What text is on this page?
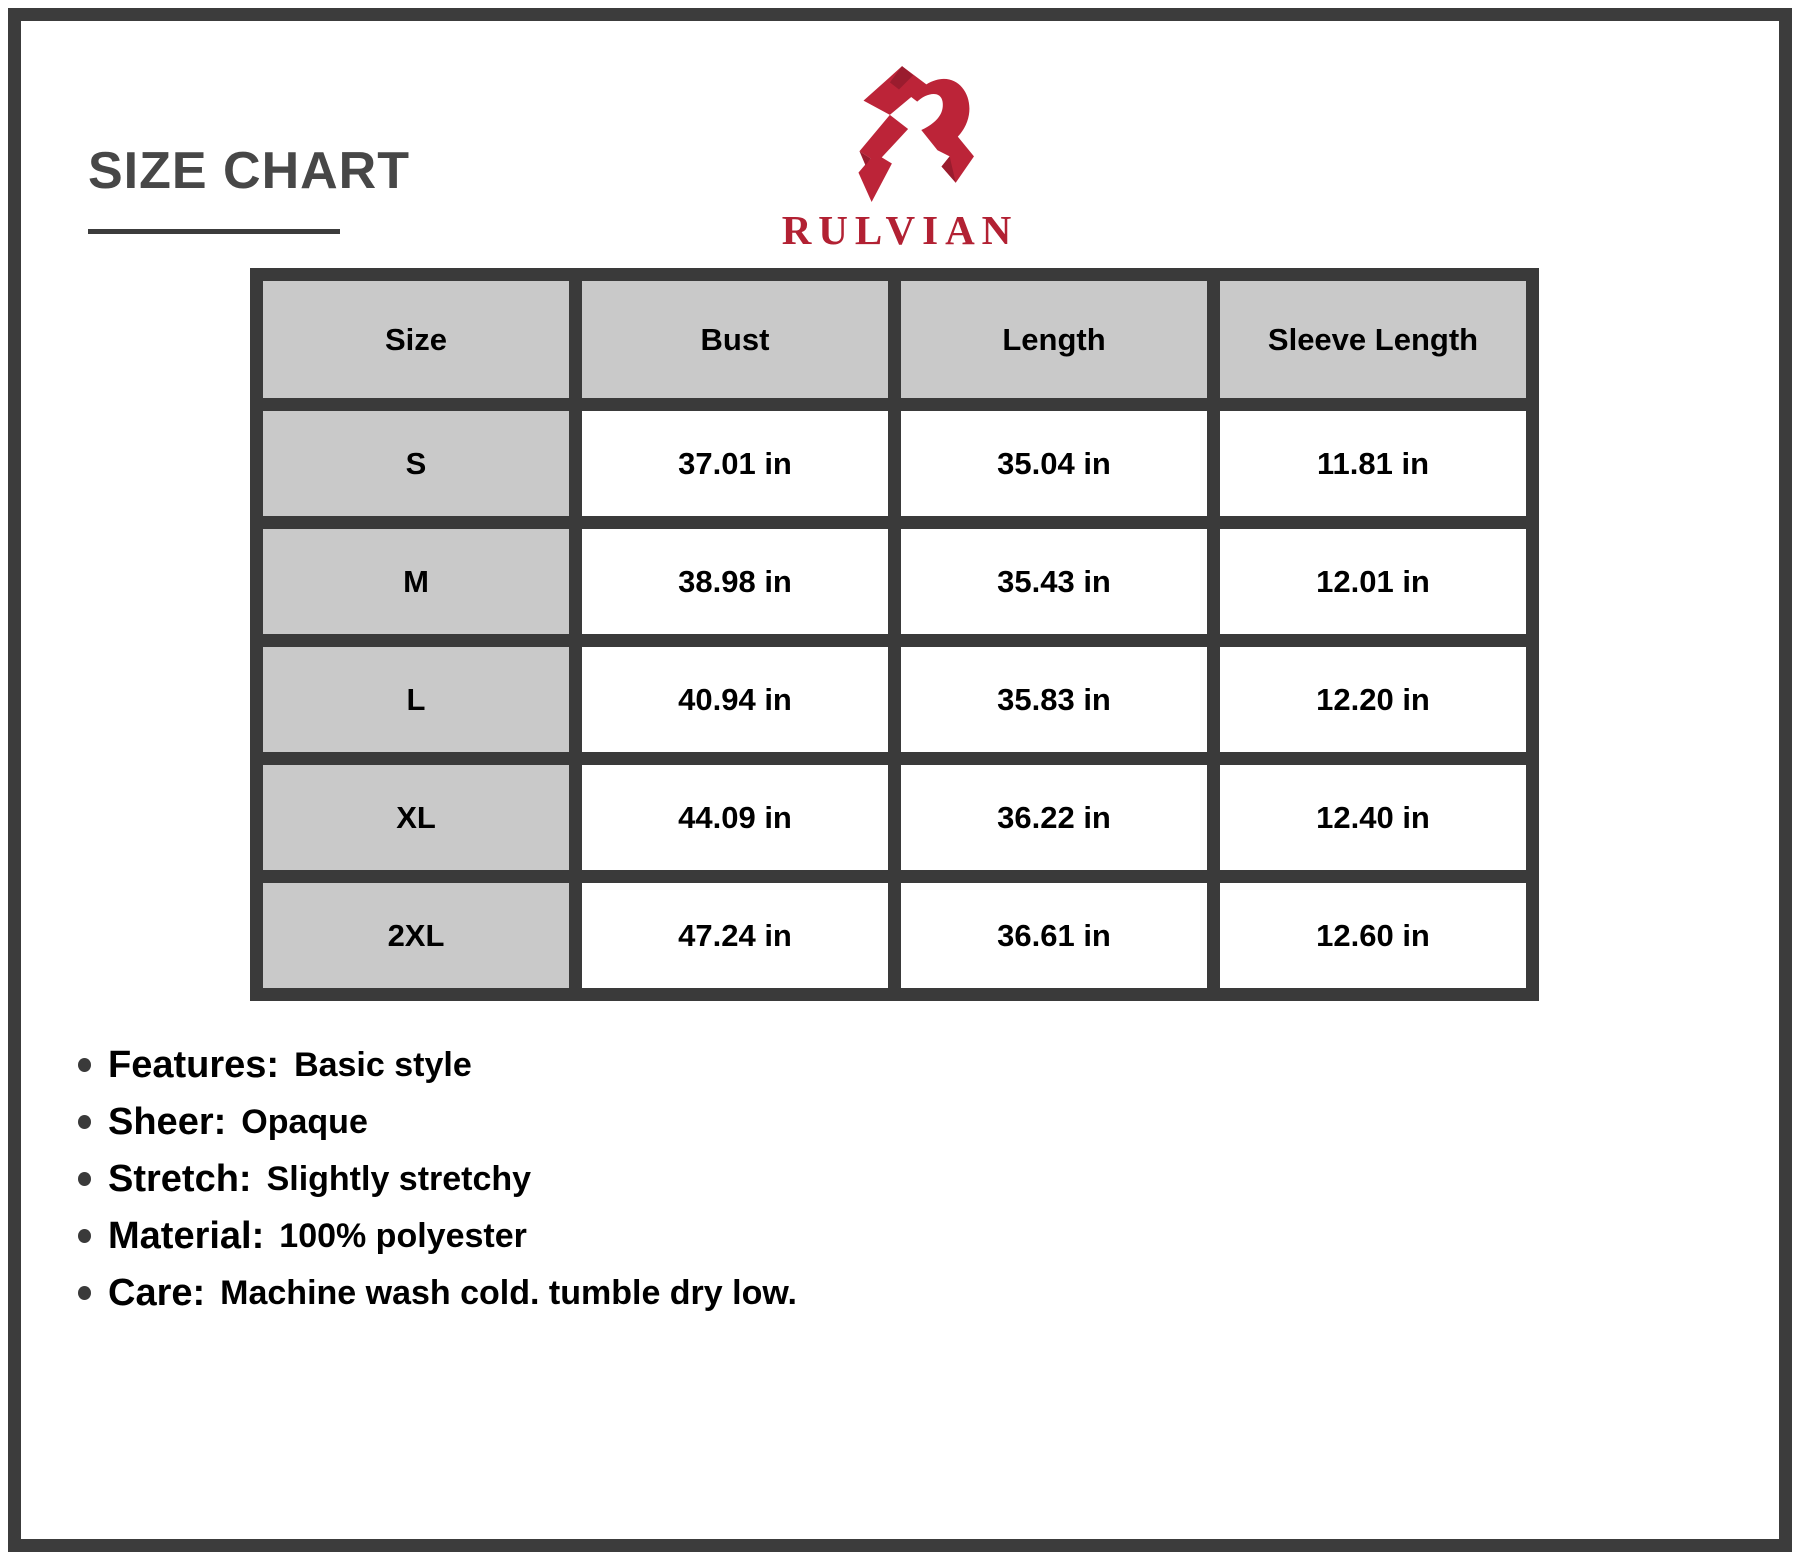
SIZE CHART
RULVIAN
Size	Bust	Length	Sleeve Length
S	37.01 in	35.04 in	11.81 in
M	38.98 in	35.43 in	12.01 in
L	40.94 in	35.83 in	12.20 in
XL	44.09 in	36.22 in	12.40 in
2XL	47.24 in	36.61 in	12.60 in
Features: Basic style
Sheer: Opaque
Stretch: Slightly stretchy
Material: 100% polyester
Care: Machine wash cold. tumble dry low.
